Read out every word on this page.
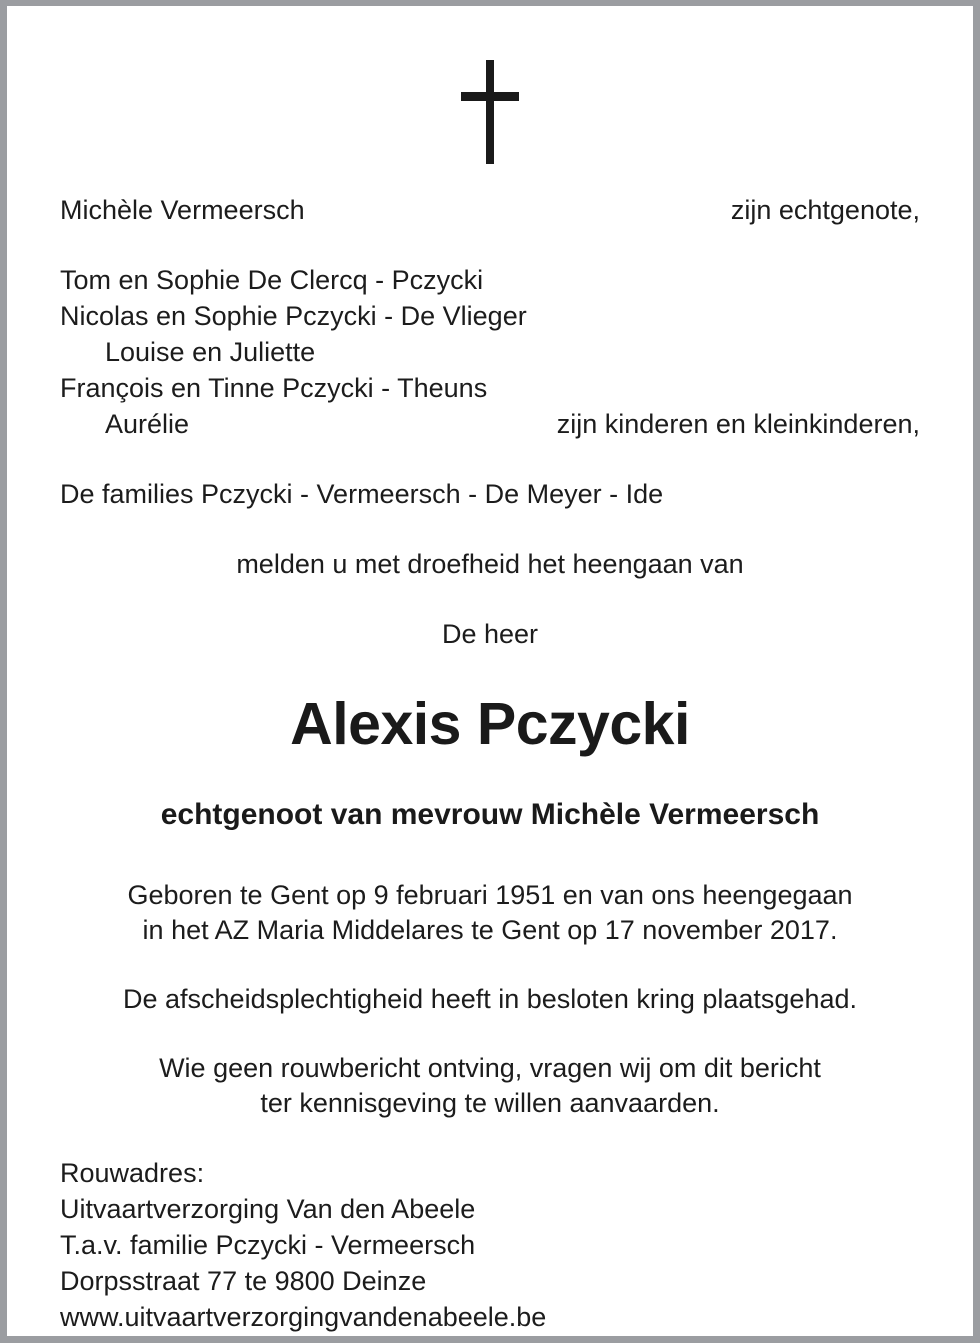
Michèle Vermeersch	zijn echtgenote,
Tom en Sophie De Clercq - Pczycki
Nicolas en Sophie Pczycki - De Vlieger
Louise en Juliette
François en Tinne Pczycki - Theuns
Aurélie	zijn kinderen en kleinkinderen,
De families Pczycki - Vermeersch - De Meyer - Ide
melden u met droefheid het heengaan van
De heer
Alexis Pczycki
echtgenoot van mevrouw Michèle Vermeersch
Geboren te Gent op 9 februari 1951 en van ons heengegaan
in het AZ Maria Middelares te Gent op 17 november 2017.
De afscheidsplechtigheid heeft in besloten kring plaatsgehad.
Wie geen rouwbericht ontving, vragen wij om dit bericht
ter kennisgeving te willen aanvaarden.
Rouwadres:
Uitvaartverzorging Van den Abeele
T.a.v. familie Pczycki - Vermeersch
Dorpsstraat 77 te 9800 Deinze
www.uitvaartverzorgingvandenabeele.be
